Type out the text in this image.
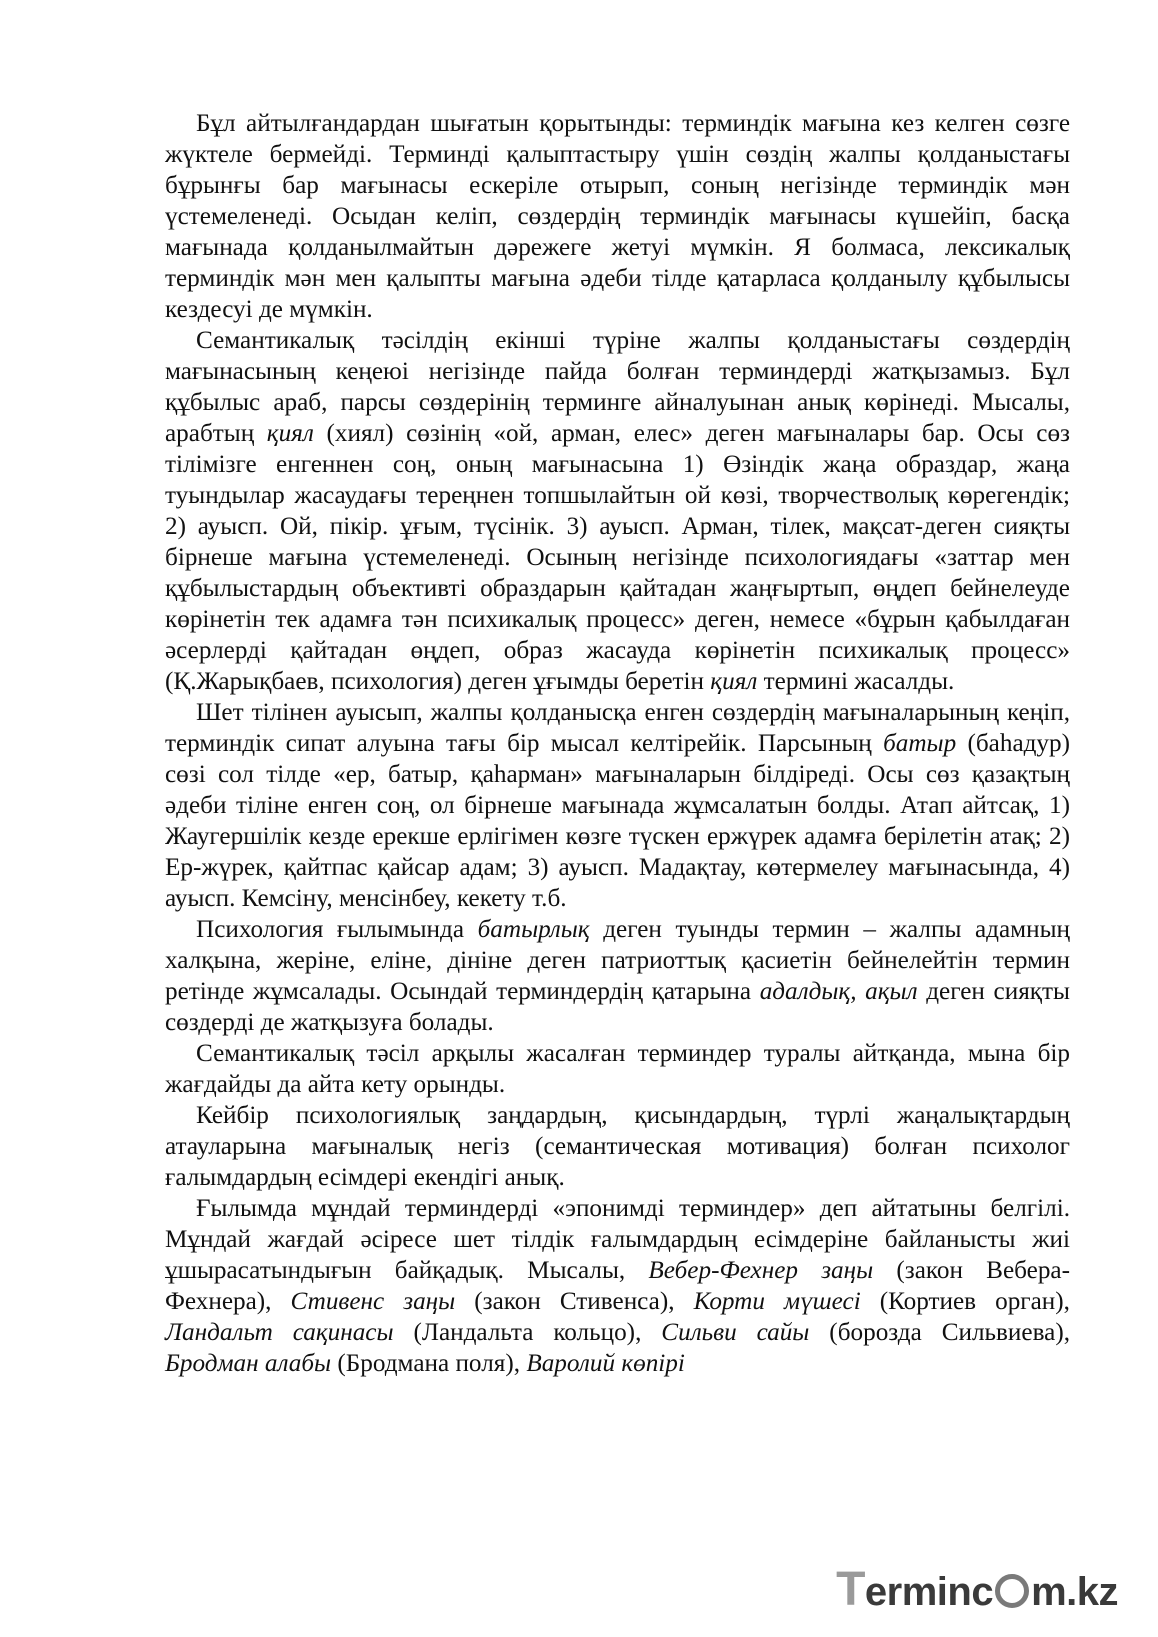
Бұл айтылғандардан шығатын қорытынды: терминдік мағына кез келген сөзге жүктеле бермейді. Терминді қалыптастыру үшін сөздің жалпы қолданыстағы бұрынғы бар мағынасы ескеріле отырып, соның негізінде терминдік мән үстемеленеді. Осыдан келіп, сөздердің терминдік мағынасы күшейіп, басқа мағынада қолданылмайтын дәрежеге жетуі мүмкін. Я болмаса, лексикалық терминдік мән мен қалыпты мағына әдеби тілде қатарласа қолданылу құбылысы кездесуі де мүмкін.

Семантикалық тәсілдің екінші түріне жалпы қолданыстағы сөздердің мағынасының кеңеюі негізінде пайда болған терминдерді жатқызамыз. Бұл құбылыс араб, парсы сөздерінің терминге айналуынан анық көрінеді. Мысалы, арабтың қиял (хиял) сөзінің «ой, арман, елес» деген мағыналары бар. Осы сөз тілімізге енгеннен соң, оның мағынасына 1) Өзіндік жаңа образдар, жаңа туындылар жасаудағы тереңнен топшылайтын ой көзі, творчестволық көрегендік; 2) ауысп. Ой, пікір. ұғым, түсінік. 3) ауысп. Арман, тілек, мақсат-деген сияқты бірнеше мағына үстемеленеді. Осының негізінде психологиядағы «заттар мен құбылыстардың объективті образдарын қайтадан жаңғыртып, өңдеп бейнелеуде көрінетін тек адамға тән психикалық процесс» деген, немесе «бұрын қабылдаған әсерлерді қайтадан өңдеп, образ жасауда көрінетін психикалық процесс» (Қ.Жарықбаев, психология) деген ұғымды беретін қиял термині жасалды.

Шет тілінен ауысып, жалпы қолданысқа енген сөздердің мағыналарының кеңіп, терминдік сипат алуына тағы бір мысал келтірейік. Парсының батыр (баһадур) сөзі сол тілде «ер, батыр, қаһарман» мағыналарын білдіреді. Осы сөз қазақтың әдеби тіліне енген соң, ол бірнеше мағынада жұмсалатын болды. Атап айтсақ, 1) Жаугершілік кезде ерекше ерлігімен көзге түскен ержүрек адамға берілетін атақ; 2) Ер-жүрек, қайтпас қайсар адам; 3) ауысп. Мадақтау, көтермелеу мағынасында, 4) ауысп. Кемсіну, менсінбеу, кекету т.б.

Психология ғылымында батырлық деген туынды термин – жалпы адамның халқына, жеріне, еліне, дініне деген патриоттық қасиетін бейнелейтін термин ретінде жұмсалады. Осындай терминдердің қатарына адалдық, ақыл деген сияқты сөздерді де жатқызуға болады.

Семантикалық тәсіл арқылы жасалған терминдер туралы айтқанда, мына бір жағдайды да айта кету орынды.

Кейбір психологиялық заңдардың, қисындардың, түрлі жаңалықтардың атауларына мағыналық негіз (семантическая мотивация) болған психолог ғалымдардың есімдері екендігі анық.

Ғылымда мұндай терминдерді «эпонимді терминдер» деп айтатыны белгілі. Мұндай жағдай әсіресе шет тілдік ғалымдардың есімдеріне байланысты жиі ұшырасатындығын байқадық. Мысалы, Вебер-Фехнер заңы (закон Вебера-Фехнера), Стивенс заңы (закон Стивенса), Корти мүшесі (Кортиев орган), Ландальт сақинасы (Ландальта кольцо), Сильви сайы (борозда Сильвиева), Бродман алабы (Бродмана поля), Варолий көпірі

T erminc m.kz
